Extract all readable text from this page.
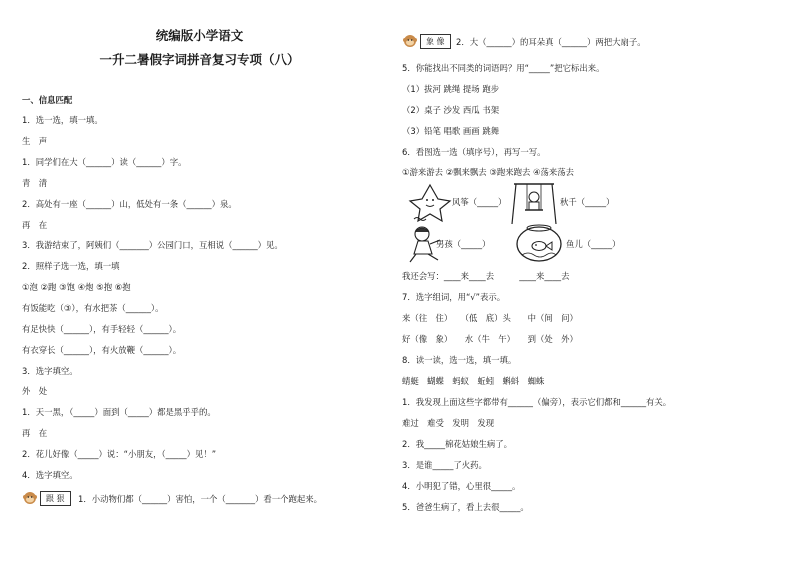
统编版小学语文
一升二暑假字词拼音复习专项（八）
一、信息匹配
1．选一选，填一填。
生　声
1．同学们在大（______）读（______）字。
青　清
2．高处有一座（______）山，低处有一条（______）泉。
再　在
3．我游结束了，阿姨们（_______）公园门口，互相说（______）见。
2．照样子选一选，填一填
①泡 ②跑 ③饱 ④炮 ⑤抱 ⑥抱
有饭能吃（③），有水把茶（______）。
有足快快（______），有手轻轻（______）。
有衣穿长（______），有火放鞭（______）。
3．选字填空。
外　处
1．天一黑，（_____）面到（_____）都是黑乎乎的。
再　在
2．花儿好像（_____）说：“小朋友，（_____）见！”
4．选字填空。
跟 狠	1．小动物们都（______）害怕，一个（_______）看一个跑起来。
象 像	2．大（______）的耳朵真（______）两把大扇子。
5．你能找出不同类的词语吗？用“_____”把它标出来。
（1）拔河 跳绳 提场 跑步
（2）桌子 沙发 西瓜 书架
（3）铅笔 唱歌 画画 跳舞
6．看图选一选（填序号），再写一写。
①游来游去 ②飘来飘去 ③跑来跑去 ④荡来荡去
风筝（_____）	秋千（_____）
男孩（_____）	鱼儿（_____）
我还会写：____来____去　　　____来____去
7．选字组词，用“√”表示。
来（往　住）　　（低　底）头　　中（间　问）
好（像　象）　　水（牛　午）　　到（处　外）
8．读一读，选一选，填一填。
蜻蜓　蝴蝶　蚂蚁　蚯蚓　蝌蚪　蜘蛛
1．我发现上面这些字都带有______（偏旁），表示它们都和______有关。
难过　难受　发明　发现
2．我_____棉花姑娘生病了。
3．是谁_____了火药。
4．小明犯了错，心里很_____。
5．爸爸生病了，看上去很_____。
